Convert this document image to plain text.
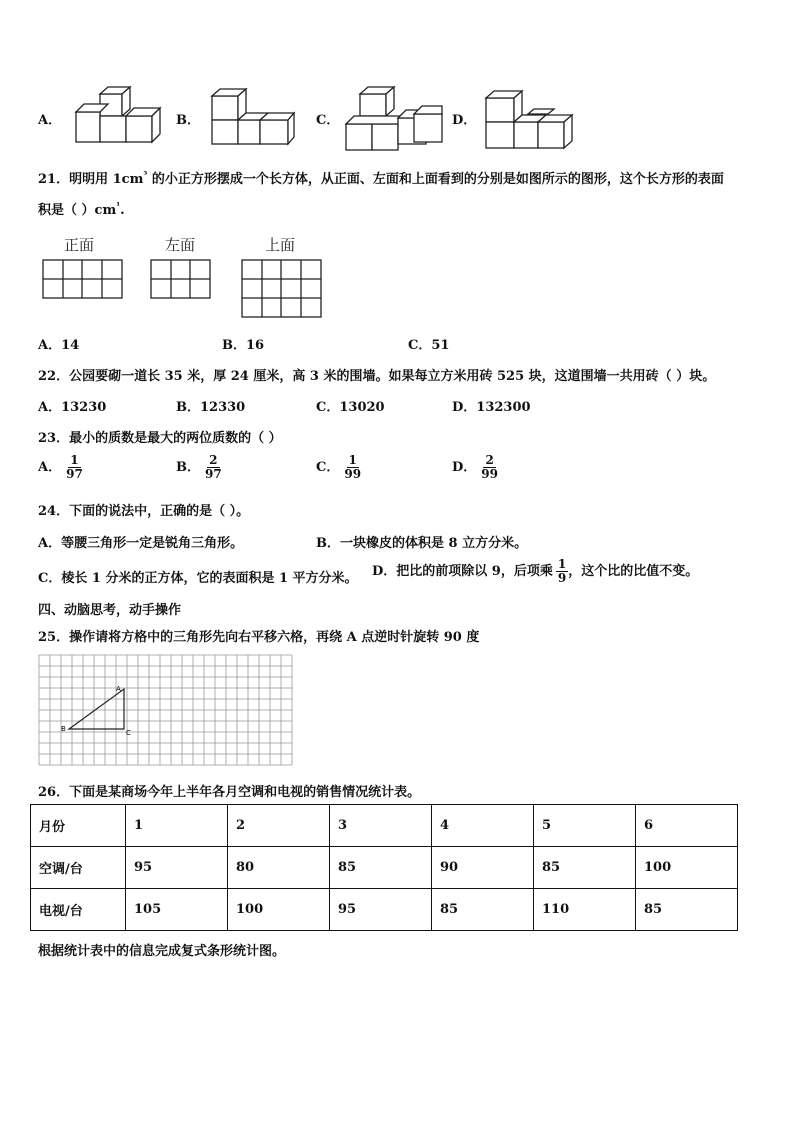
A．	B．	C．	D．
21．明明用 $1cm^{^3}$ 的小正方形摆成一个长方体，从正面、左面和上面看到的分别是如图所示的图形，这个长方形的表面
积是（ ）$cm^{^1}$.
正面	左面	上面
A．14	B．16	C．51
22．公园要砌一道长 35 米，厚 24 厘米，高 3 米的围墙。如果每立方米用砖 525 块，这道围墙一共用砖（ ）块。
A．13230	B．12330	C．13020	D．132300
23．最小的质数是最大的两位质数的（ ）
A． $\frac{1}{97}$	B． $\frac{2}{97}$	C． $\frac{1}{99}$	D． $\frac{2}{99}$
24．下面的说法中，正确的是（ ）。
A．等腰三角形一定是锐角三角形。	B．一块橡皮的体积是 8 立方分米。
C．棱长 1 分米的正方体，它的表面积是 1 平方分米。 D．把比的前项除以 9，后项乘 $\frac{1}{9}$ ，这个比的比值不变。
四、动脑思考，动手操作
25．操作请将方格中的三角形先向右平移六格，再绕 A 点逆时针旋转 90 度
A
B	C
26．下面是某商场今年上半年各月空调和电视的销售情况统计表。
月份	1	2	3	4	5	6
空调/台	95	80	85	90	85	100
电视/台	105	100	95	85	110	85
根据统计表中的信息完成复式条形统计图。
